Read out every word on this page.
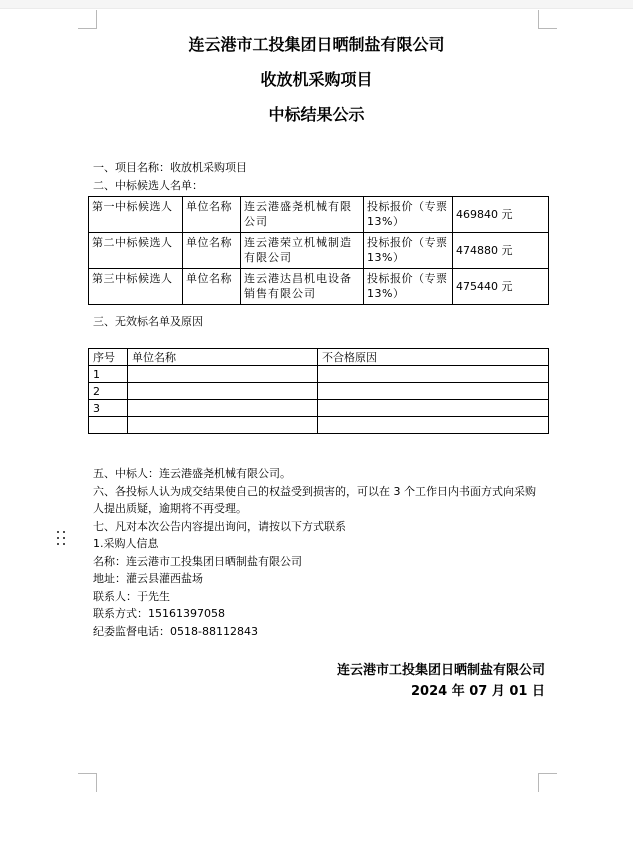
连云港市工投集团日晒制盐有限公司
收放机采购项目
中标结果公示
一、项目名称：收放机采购项目
二、中标候选人名单：
第一中标候选人	单位名称	连云港盛尧机械有限公司	投标报价（专票13%）	469840 元
第二中标候选人	单位名称	连云港荣立机械制造有限公司	投标报价（专票13%）	474880 元
第三中标候选人	单位名称	连云港达昌机电设备销售有限公司	投标报价（专票13%）	475440 元
三、无效标名单及原因
序号	单位名称	不合格原因
1		
2		
3		

五、中标人：连云港盛尧机械有限公司。
六、各投标人认为成交结果使自己的权益受到损害的，可以在 3 个工作日内书面方式向采购
人提出质疑，逾期将不再受理。
七、凡对本次公告内容提出询问，请按以下方式联系
1.采购人信息
名称：连云港市工投集团日晒制盐有限公司
地址：灌云县灌西盐场
联系人：于先生
联系方式：15161397058
纪委监督电话：0518-88112843
连云港市工投集团日晒制盐有限公司
2024 年 07 月 01 日
